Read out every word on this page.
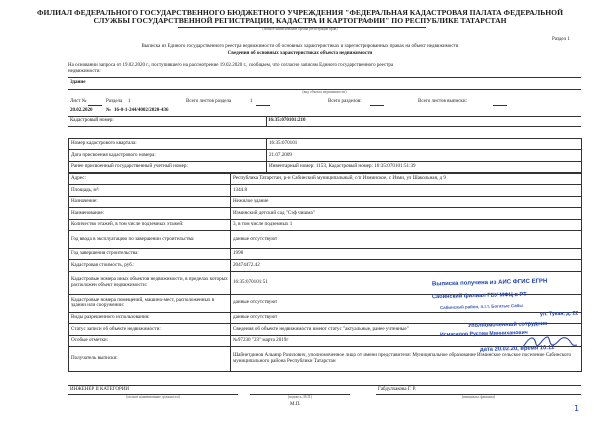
ФИЛИАЛ ФЕДЕРАЛЬНОГО ГОСУДАРСТВЕННОГО БЮДЖЕТНОГО УЧРЕЖДЕНИЯ "ФЕДЕРАЛЬНАЯ КАДАСТРОВАЯ ПАЛАТА ФЕДЕРАЛЬНОЙ
СЛУЖБЫ ГОСУДАРСТВЕННОЙ РЕГИСТРАЦИИ, КАДАСТРА И КАРТОГРАФИИ" ПО РЕСПУБЛИКЕ ТАТАРСТАН
(полное наименование органа регистрации прав)
Раздел 1
Выписка из Единого государственного реестра недвижимости об основных характеристиках и зарегистрированных правах на объект недвижимости
Сведения об основных характеристиках объекта недвижимости
На основании запроса от 19.02.2020 г., поступившего на рассмотрение 19.02.2020 г., сообщаем, что согласно записям Единого государственного реестра
недвижимости:
Здание
(вид объекта недвижимости)
Лист №	Раздела 1	Всего листов раздела	1	Всего разделов:	Всего листов выписки:
20.02.2020	№ 16-0-1-244/4002/2020-436
Кадастровый номер:	16:35:070101:210
Номер кадастрового квартала:	16:35:070101
Дата присвоения кадастрового номера:	21.07.2009
Ранее присвоенный государственный учетный номер:	Инвентарный номер: 1153, Кадастровый номер: 16:35:070101:51:39
Адрес:	Республика Татарстан, р-н Сабинский муниципальный, с/п Изминское, с Изми, ул Шакольная, д 9
Площадь, м²:	1344.8
Назначение:	Нежилое здание
Наименование:	Изминский детский сад "Сэф чишма"
Количество этажей, в том числе подземных этажей:	3, в том числе подземных 1
Год ввода в эксплуатацию по завершении строительства:	данные отсутствуют
Год завершения строительства:	1998
Кадастровая стоимость, руб.:	20474472.42
Кадастровые номера иных объектов недвижимости, в пределах которых расположен объект недвижимости:	16:35:070101:51
Кадастровые номера помещений, машино-мест, расположенных в здании или сооружении:	данные отсутствуют
Виды разрешенного использования:	данные отсутствуют
Статус записи об объекте недвижимости:	Сведения об объекте недвижимости имеют статус "актуальные, ранее учтенные"
Особые отметки:	№97230 "23" марта 2019г
Получатель выписки:	Шайнетдинов Альмир Разилович, уполномоченное лицо от имени представителя: Муниципальное образование Изминское сельское поселение Сабинского муниципального района Республики Татарстан
ИНЖЕНЕР II КАТЕГОРИИ
(полное наименование должности)	(подпись, М.П.)
Габдулхакова Г. Р.
(инициалы, фамилия)
М.П.
Выписка получена из АИС ФГИС ЕГРН
Сабинский филиал ГБУ МФЦ в РТ
Сабинский район, п.г.т. Богатые Сабы
ул. Тукая, д. 22
Уполномоченный сотрудник
Исмагилов Рустем Минниханович
дата 20.02.20, время 10.12
1
